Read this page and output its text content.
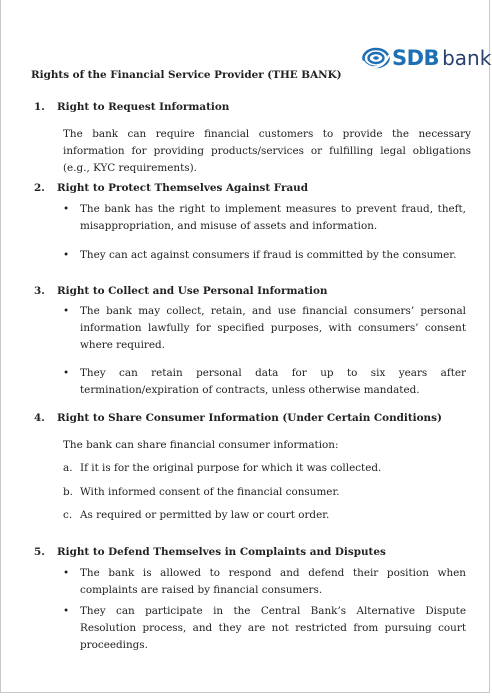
SDB bank
Rights of the Financial Service Provider (THE BANK)
1. Right to Request Information
The bank can require financial customers to provide the necessary information for providing products/services or fulfilling legal obligations (e.g., KYC requirements).
2. Right to Protect Themselves Against Fraud
• The bank has the right to implement measures to prevent fraud, theft, misappropriation, and misuse of assets and information.
• They can act against consumers if fraud is committed by the consumer.
3. Right to Collect and Use Personal Information
• The bank may collect, retain, and use financial consumers’ personal information lawfully for specified purposes, with consumers’ consent where required.
• They can retain personal data for up to six years after termination/expiration of contracts, unless otherwise mandated.
4. Right to Share Consumer Information (Under Certain Conditions)
The bank can share financial consumer information:
a. If it is for the original purpose for which it was collected.
b. With informed consent of the financial consumer.
c. As required or permitted by law or court order.
5. Right to Defend Themselves in Complaints and Disputes
• The bank is allowed to respond and defend their position when complaints are raised by financial consumers.
• They can participate in the Central Bank’s Alternative Dispute Resolution process, and they are not restricted from pursuing court proceedings.
